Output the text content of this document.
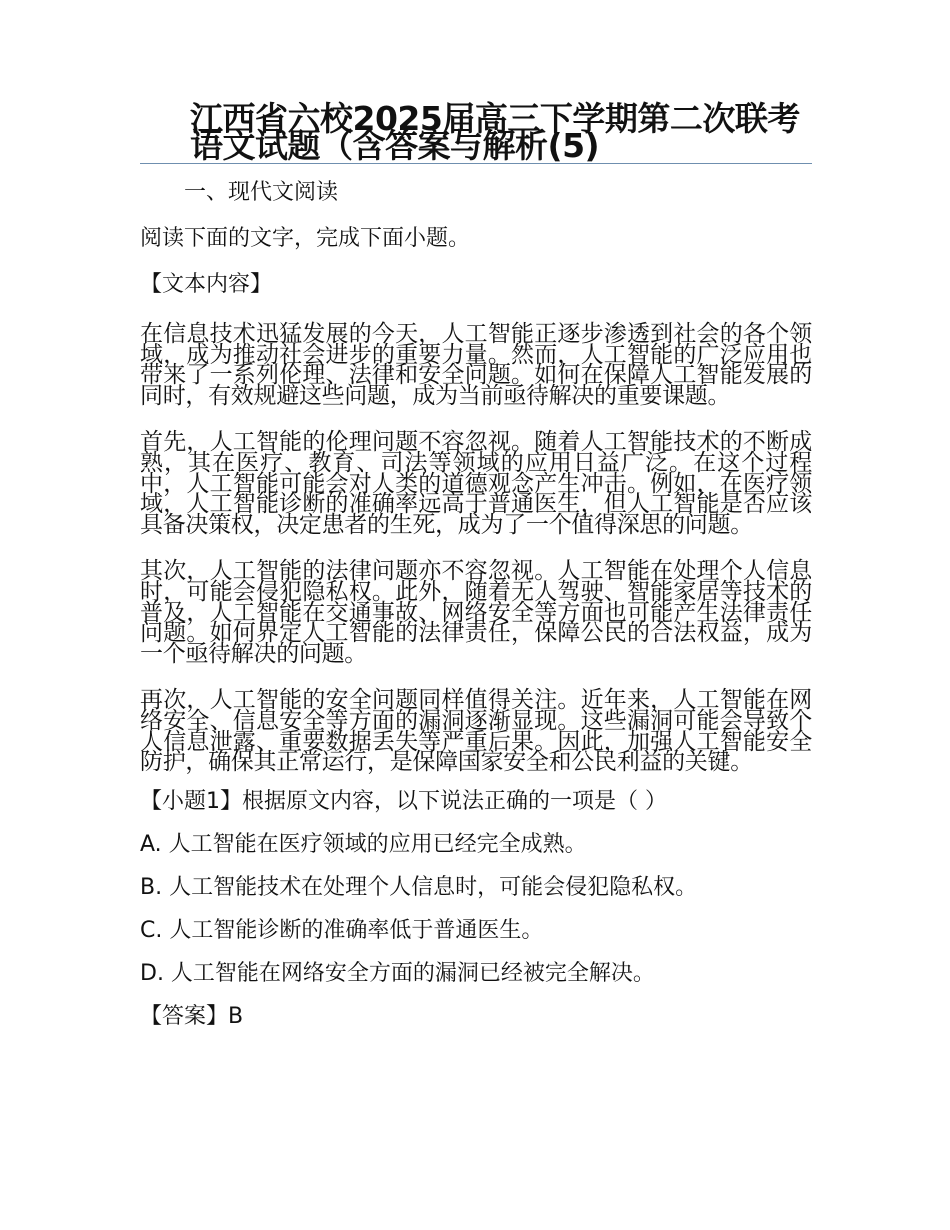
江西省六校2025届高三下学期第二次联考语文试题（含答案与解析(5)
一、现代文阅读
阅读下面的文字，完成下面小题。
【文本内容】
在信息技术迅猛发展的今天，人工智能正逐步渗透到社会的各个领域，成为推动社会进步的重要力量。然而，人工智能的广泛应用也带来了一系列伦理、法律和安全问题。如何在保障人工智能发展的同时，有效规避这些问题，成为当前亟待解决的重要课题。
首先，人工智能的伦理问题不容忽视。随着人工智能技术的不断成熟，其在医疗、教育、司法等领域的应用日益广泛。在这个过程中，人工智能可能会对人类的道德观念产生冲击。例如，在医疗领域，人工智能诊断的准确率远高于普通医生，但人工智能是否应该具备决策权，决定患者的生死，成为了一个值得深思的问题。
其次，人工智能的法律问题亦不容忽视。人工智能在处理个人信息时，可能会侵犯隐私权。此外，随着无人驾驶、智能家居等技术的普及，人工智能在交通事故、网络安全等方面也可能产生法律责任问题。如何界定人工智能的法律责任，保障公民的合法权益，成为一个亟待解决的问题。
再次，人工智能的安全问题同样值得关注。近年来，人工智能在网络安全、信息安全等方面的漏洞逐渐显现。这些漏洞可能会导致个人信息泄露、重要数据丢失等严重后果。因此，加强人工智能安全防护，确保其正常运行，是保障国家安全和公民利益的关键。
【小题1】根据原文内容，以下说法正确的一项是（ ）
A. 人工智能在医疗领域的应用已经完全成熟。
B. 人工智能技术在处理个人信息时，可能会侵犯隐私权。
C. 人工智能诊断的准确率低于普通医生。
D. 人工智能在网络安全方面的漏洞已经被完全解决。
【答案】B
